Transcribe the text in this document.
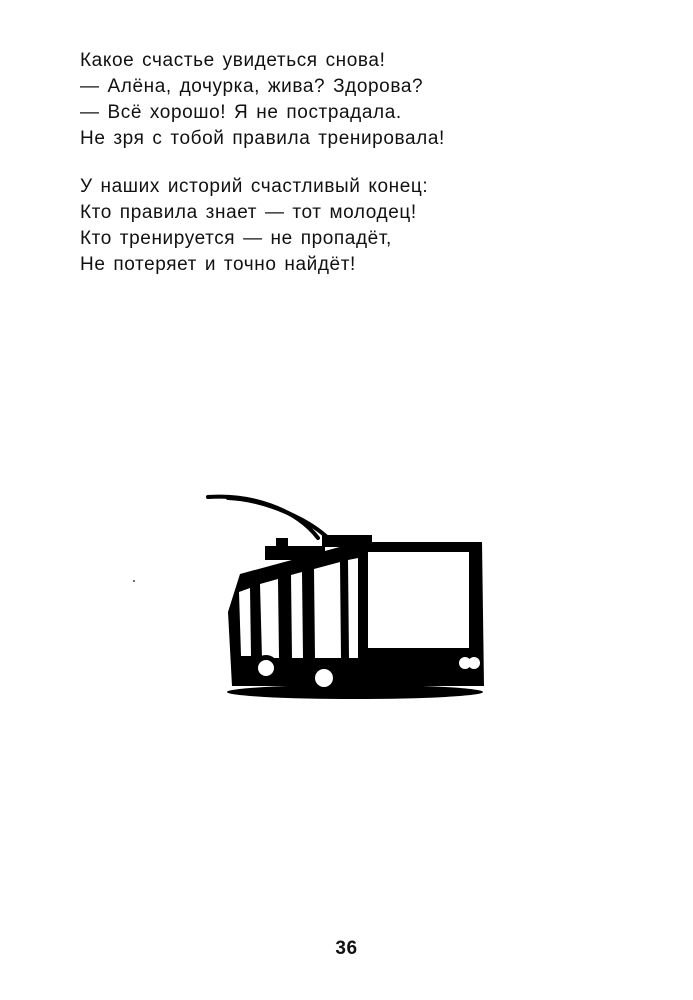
Какое счастье увидеться снова!
— Алёна, дочурка, жива? Здорова?
— Всё хорошо! Я не пострадала.
Не зря с тобой правила тренировала!
У наших историй счастливый конец:
Кто правила знает — тот молодец!
Кто тренируется — не пропадёт,
Не потеряет и точно найдёт!
36
